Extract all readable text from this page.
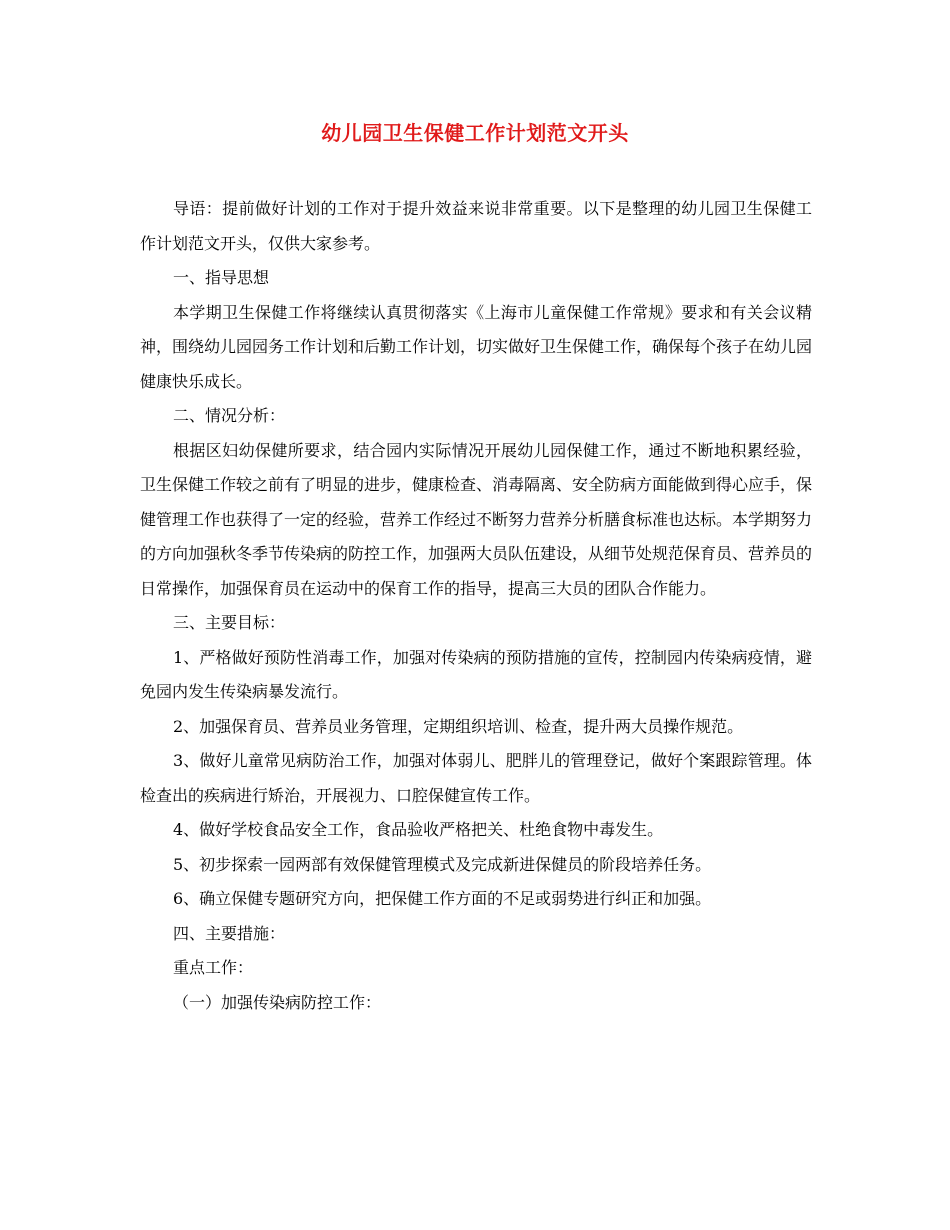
幼儿园卫生保健工作计划范文开头

导语：提前做好计划的工作对于提升效益来说非常重要。以下是整理的幼儿园卫生保健工作计划范文开头，仅供大家参考。

一、指导思想

本学期卫生保健工作将继续认真贯彻落实《上海市儿童保健工作常规》要求和有关会议精神，围绕幼儿园园务工作计划和后勤工作计划，切实做好卫生保健工作，确保每个孩子在幼儿园健康快乐成长。

二、情况分析：

根据区妇幼保健所要求，结合园内实际情况开展幼儿园保健工作，通过不断地积累经验，卫生保健工作较之前有了明显的进步，健康检查、消毒隔离、安全防病方面能做到得心应手，保健管理工作也获得了一定的经验，营养工作经过不断努力营养分析膳食标准也达标。本学期努力的方向加强秋冬季节传染病的防控工作，加强两大员队伍建设，从细节处规范保育员、营养员的日常操作，加强保育员在运动中的保育工作的指导，提高三大员的团队合作能力。

三、主要目标：

1、严格做好预防性消毒工作，加强对传染病的预防措施的宣传，控制园内传染病疫情，避免园内发生传染病暴发流行。

2、加强保育员、营养员业务管理，定期组织培训、检查，提升两大员操作规范。

3、做好儿童常见病防治工作，加强对体弱儿、肥胖儿的管理登记，做好个案跟踪管理。体检查出的疾病进行矫治，开展视力、口腔保健宣传工作。

4、做好学校食品安全工作，食品验收严格把关、杜绝食物中毒发生。

5、初步探索一园两部有效保健管理模式及完成新进保健员的阶段培养任务。

6、确立保健专题研究方向，把保健工作方面的不足或弱势进行纠正和加强。

四、主要措施：

重点工作：

（一）加强传染病防控工作：
